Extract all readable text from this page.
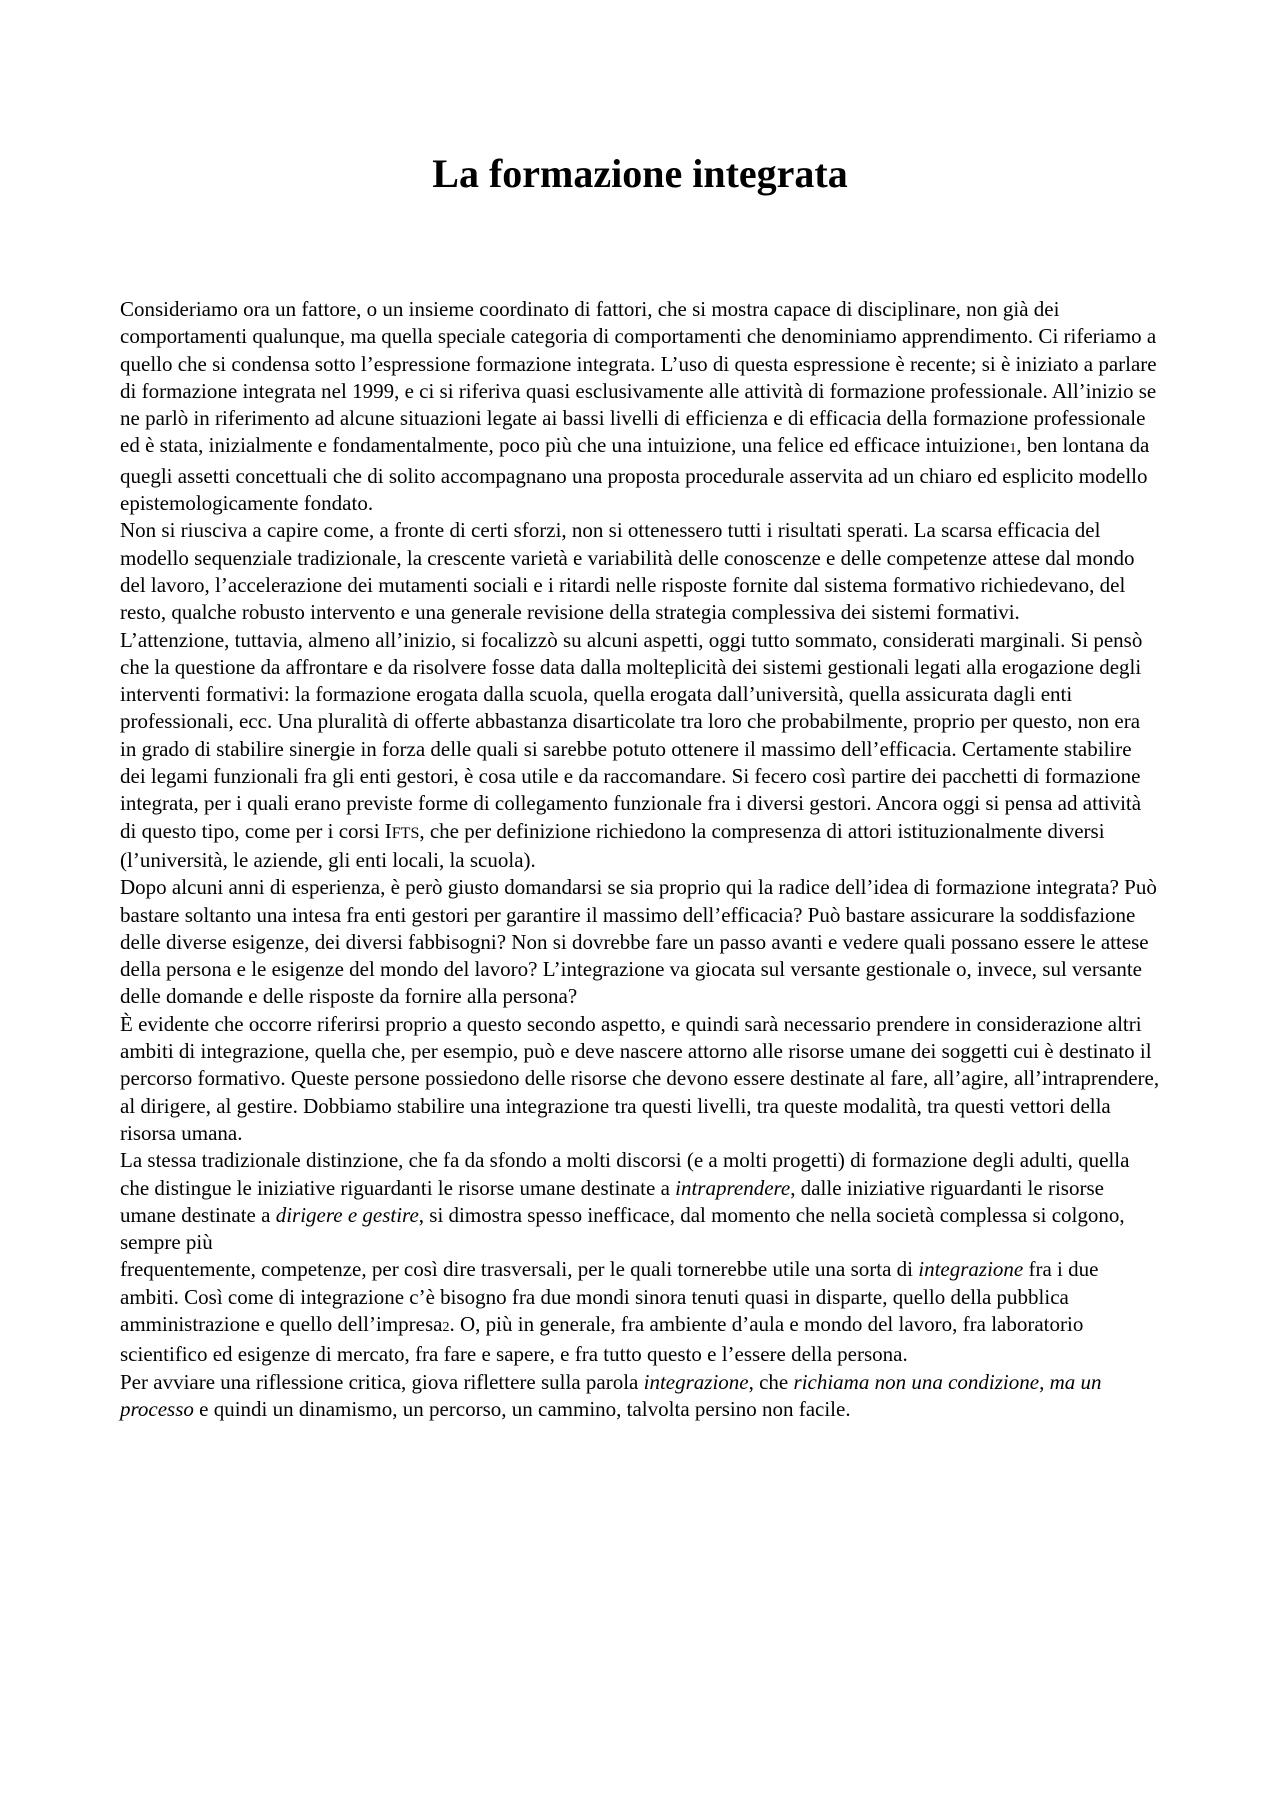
La formazione integrata

Consideriamo ora un fattore, o un insieme coordinato di fattori, che si mostra capace di disciplinare, non già dei comportamenti qualunque, ma quella speciale categoria di comportamenti che denominiamo apprendimento. Ci riferiamo a quello che si condensa sotto l’espressione formazione integrata. L’uso di questa espressione è recente; si è iniziato a parlare di formazione integrata nel 1999, e ci si riferiva quasi esclusivamente alle attività di formazione professionale. All’inizio se ne parlò in riferimento ad alcune situazioni legate ai bassi livelli di efficienza e di efficacia della formazione professionale ed è stata, inizialmente e fondamentalmente, poco più che una intuizione, una felice ed efficace intuizione1, ben lontana da quegli assetti concettuali che di solito accompagnano una proposta procedurale asservita ad un chiaro ed esplicito modello epistemologicamente fondato.

Non si riusciva a capire come, a fronte di certi sforzi, non si ottenessero tutti i risultati sperati. La scarsa efficacia del modello sequenziale tradizionale, la crescente varietà e variabilità delle conoscenze e delle competenze attese dal mondo del lavoro, l’accelerazione dei mutamenti sociali e i ritardi nelle risposte fornite dal sistema formativo richiedevano, del resto, qualche robusto intervento e una generale revisione della strategia complessiva dei sistemi formativi.

L’attenzione, tuttavia, almeno all’inizio, si focalizzò su alcuni aspetti, oggi tutto sommato, considerati marginali. Si pensò che la questione da affrontare e da risolvere fosse data dalla molteplicità dei sistemi gestionali legati alla erogazione degli interventi formativi: la formazione erogata dalla scuola, quella erogata dall’università, quella assicurata dagli enti

professionali, ecc. Una pluralità di offerte abbastanza disarticolate tra loro che probabilmente, proprio per questo, non era in grado di stabilire sinergie in forza delle quali si sarebbe potuto ottenere il massimo dell’efficacia. Certamente stabilire dei legami funzionali fra gli enti gestori, è cosa utile e da raccomandare. Si fecero così partire dei pacchetti di formazione integrata, per i quali erano previste forme di collegamento funzionale fra i diversi gestori. Ancora oggi si pensa ad attività di questo tipo, come per i corsi IFTS, che per definizione richiedono la compresenza di attori istituzionalmente diversi (l’università, le aziende, gli enti locali, la scuola).

Dopo alcuni anni di esperienza, è però giusto domandarsi se sia proprio qui la radice dell’idea di formazione integrata? Può bastare soltanto una intesa fra enti gestori per garantire il massimo dell’efficacia? Può bastare assicurare la soddisfazione delle diverse esigenze, dei diversi fabbisogni? Non si dovrebbe fare un passo avanti e vedere quali possano essere le attese della persona e le esigenze del mondo del lavoro? L’integrazione va giocata sul versante gestionale o, invece, sul versante delle domande e delle risposte da fornire alla persona?

È evidente che occorre riferirsi proprio a questo secondo aspetto, e quindi sarà necessario prendere in considerazione altri ambiti di integrazione, quella che, per esempio, può e deve nascere attorno alle risorse umane dei soggetti cui è destinato il percorso formativo. Queste persone possiedono delle risorse che devono essere destinate al fare, all’agire, all’intraprendere, al dirigere, al gestire. Dobbiamo stabilire una integrazione tra questi livelli, tra queste modalità, tra questi vettori della risorsa umana.

La stessa tradizionale distinzione, che fa da sfondo a molti discorsi (e a molti progetti) di formazione degli adulti, quella che distingue le iniziative riguardanti le risorse umane destinate a intraprendere, dalle iniziative riguardanti le risorse umane destinate a dirigere e gestire, si dimostra spesso inefficace, dal momento che nella società complessa si colgono, sempre più

frequentemente, competenze, per così dire trasversali, per le quali tornerebbe utile una sorta di integrazione fra i due ambiti. Così come di integrazione c’è bisogno fra due mondi sinora tenuti quasi in disparte, quello della pubblica amministrazione e quello dell’impresa2. O, più in generale, fra ambiente d’aula e mondo del lavoro, fra laboratorio scientifico ed esigenze di mercato, fra fare e sapere, e fra tutto questo e l’essere della persona.

Per avviare una riflessione critica, giova riflettere sulla parola integrazione, che richiama non una condizione, ma un processo e quindi un dinamismo, un percorso, un cammino, talvolta persino non facile.
